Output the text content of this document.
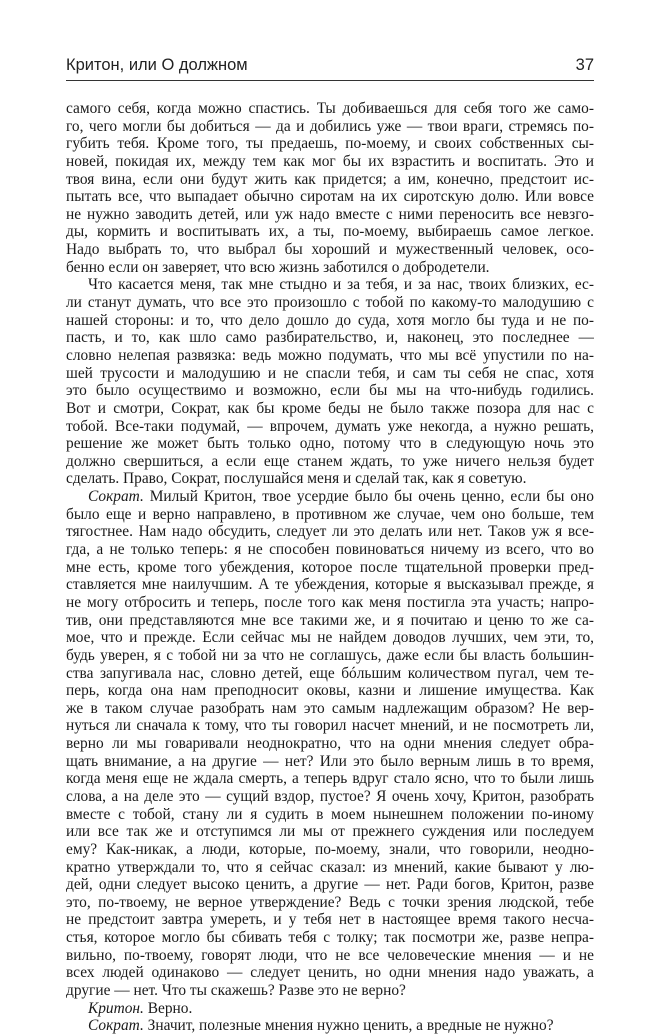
Критон, или О должном	37
самого себя, когда можно спастись. Ты добиваешься для себя того же само-
го, чего могли бы добиться — да и добились уже — твои враги, стремясь по-
губить тебя. Кроме того, ты предаешь, по-моему, и своих собственных сы-
новей, покидая их, между тем как мог бы их взрастить и воспитать. Это и
твоя вина, если они будут жить как придется; а им, конечно, предстоит ис-
пытать все, что выпадает обычно сиротам на их сиротскую долю. Или вовсе
не нужно заводить детей, или уж надо вместе с ними переносить все невзго-
ды, кормить и воспитывать их, а ты, по-моему, выбираешь самое легкое.
Надо выбрать то, что выбрал бы хороший и мужественный человек, осо-
бенно если он заверяет, что всю жизнь заботился о добродетели.
Что касается меня, так мне стыдно и за тебя, и за нас, твоих близких, ес-
ли станут думать, что все это произошло с тобой по какому-то малодушию с
нашей стороны: и то, что дело дошло до суда, хотя могло бы туда и не по-
пасть, и то, как шло само разбирательство, и, наконец, это последнее —
словно нелепая развязка: ведь можно подумать, что мы всё упустили по на-
шей трусости и малодушию и не спасли тебя, и сам ты себя не спас, хотя
это было осуществимо и возможно, если бы мы на что-нибудь годились.
Вот и смотри, Сократ, как бы кроме беды не было также позора для нас с
тобой. Все-таки подумай, — впрочем, думать уже некогда, а нужно решать,
решение же может быть только одно, потому что в следующую ночь это
должно свершиться, а если еще станем ждать, то уже ничего нельзя будет
сделать. Право, Сократ, послушайся меня и сделай так, как я советую.
Сократ. Милый Критон, твое усердие было бы очень ценно, если бы оно
было еще и верно направлено, в противном же случае, чем оно больше, тем
тягостнее. Нам надо обсудить, следует ли это делать или нет. Таков уж я все-
гда, а не только теперь: я не способен повиноваться ничему из всего, что во
мне есть, кроме того убеждения, которое после тщательной проверки пред-
ставляется мне наилучшим. А те убеждения, которые я высказывал прежде, я
не могу отбросить и теперь, после того как меня постигла эта участь; напро-
тив, они представляются мне все такими же, и я почитаю и ценю то же са-
мое, что и прежде. Если сейчас мы не найдем доводов лучших, чем эти, то,
будь уверен, я с тобой ни за что не соглашусь, даже если бы власть большин-
ства запугивала нас, словно детей, еще бóльшим количеством пугал, чем те-
перь, когда она нам преподносит оковы, казни и лишение имущества. Как
же в таком случае разобрать нам это самым надлежащим образом? Не вер-
нуться ли сначала к тому, что ты говорил насчет мнений, и не посмотреть ли,
верно ли мы говаривали неоднократно, что на одни мнения следует обра-
щать внимание, а на другие — нет? Или это было верным лишь в то время,
когда меня еще не ждала смерть, а теперь вдруг стало ясно, что то были лишь
слова, а на деле это — сущий вздор, пустое? Я очень хочу, Критон, разобрать
вместе с тобой, стану ли я судить в моем нынешнем положении по-иному
или все так же и отступимся ли мы от прежнего суждения или последуем
ему? Как-никак, а люди, которые, по-моему, знали, что говорили, неодно-
кратно утверждали то, что я сейчас сказал: из мнений, какие бывают у лю-
дей, одни следует высоко ценить, а другие — нет. Ради богов, Критон, разве
это, по-твоему, не верное утверждение? Ведь с точки зрения людской, тебе
не предстоит завтра умереть, и у тебя нет в настоящее время такого несча-
стья, которое могло бы сбивать тебя с толку; так посмотри же, разве непра-
вильно, по-твоему, говорят люди, что не все человеческие мнения — и не
всех людей одинаково — следует ценить, но одни мнения надо уважать, а
другие — нет. Что ты скажешь? Разве это не верно?
Критон. Верно.
Сократ. Значит, полезные мнения нужно ценить, а вредные не нужно?
